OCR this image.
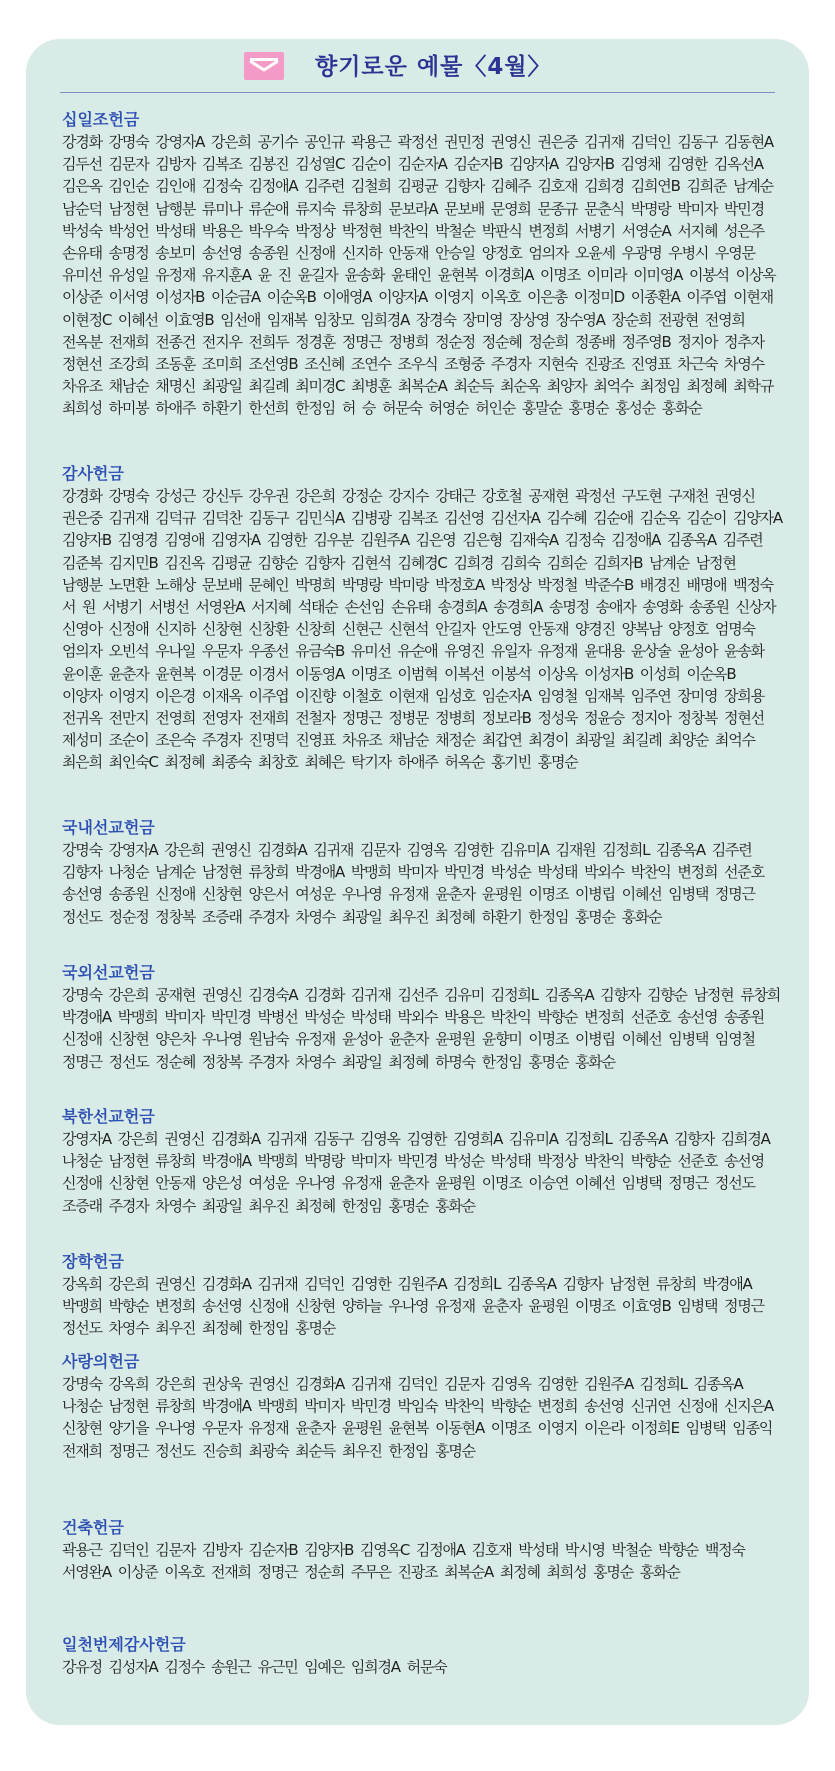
향기로운 예물〈4월〉
십일조헌금
강경화 강명숙 강영자A 강은희 공기수 공인규 곽용근 곽정선 권민정 권영신 권은중 김귀재 김덕인 김동구 김동현A 김두선 김문자 김방자 김복조 김봉진 김성열C 김순이 김순자A 김순자B 김양자A 김양자B 김영채 김영한 김옥선A 김은옥 김인순 김인애 김정숙 김정애A 김주련 김철희 김평균 김향자 김혜주 김호재 김희경 김희연B 김희준 남계순 남순덕 남정현 남행분 류미나 류순애 류지숙 류창희 문보라A 문보배 문영희 문종규 문춘식 박명랑 박미자 박민경 박성숙 박성언 박성태 박용은 박우숙 박정상 박정현 박찬익 박철순 박판식 변정희 서병기 서영순A 서지혜 성은주 손유태 송명정 송보미 송선영 송종원 신정애 신지하 안동재 안승일 양정호 엄의자 오윤세 우광명 우병시 우영문 유미선 유성일 유정재 유지훈A 윤 진 윤길자 윤송화 윤태인 윤현복 이경희A 이명조 이미라 이미영A 이봉석 이상옥 이상준 이서영 이성자B 이순금A 이순옥B 이애영A 이양자A 이영지 이옥호 이은총 이정미D 이종환A 이주엽 이현재 이현정C 이혜선 이효영B 임선애 임재복 임창모 임희경A 장경숙 장미영 장상영 장수영A 장순희 전광현 전영희 전옥분 전재희 전종건 전지우 전희두 정경훈 정명근 정병희 정순정 정순혜 정순희 정종배 정주영B 정지아 정추자 정현선 조강희 조동훈 조미희 조선영B 조신혜 조연수 조우식 조형중 주경자 지현숙 진광조 진영표 차근숙 차영수 차유조 채남순 채명신 최광일 최길례 최미경C 최병훈 최복순A 최순득 최순옥 최양자 최억수 최정임 최정혜 최학규 최희성 하미봉 하애주 하환기 한선희 한정임 허 승 허문숙 허영순 허인순 홍말순 홍명순 홍성순 홍화순
감사헌금
강경화 강명숙 강성근 강신두 강우권 강은희 강정순 강지수 강태근 강호철 공재현 곽정선 구도현 구재천 권영신 권은중 김귀재 김덕규 김덕찬 김동구 김민식A 김병광 김복조 김선영 김선자A 김수혜 김순애 김순옥 김순이 김양자A 김양자B 김영경 김영애 김영자A 김영한 김우분 김원주A 김은영 김은형 김재숙A 김정숙 김정애A 김종옥A 김주련 김준복 김지민B 김진옥 김평균 김향순 김향자 김현석 김혜경C 김희경 김희숙 김희순 김희자B 남계순 남정현 남행분 노면환 노해상 문보배 문혜인 박명희 박명랑 박미랑 박정호A 박정상 박정철 박준수B 배경진 배명애 백정숙 서 원 서병기 서병선 서영완A 서지혜 석태순 손선임 손유태 송경희A 송경희A 송명정 송애자 송영화 송종원 신상자 신영아 신정애 신지하 신창현 신창환 신창희 신현근 신현석 안길자 안도영 안동재 양경진 양복남 양정호 엄명숙 엄의자 오빈석 우나일 우문자 우종선 유금숙B 유미선 유순애 유영진 유일자 유정재 윤대용 윤상술 윤성아 윤송화 윤이훈 윤춘자 윤현복 이경문 이경서 이동영A 이명조 이범혁 이복선 이봉석 이상옥 이성자B 이성희 이순옥B 이양자 이영지 이은경 이재옥 이주엽 이진향 이철호 이현재 임성호 임순자A 임영철 임재복 임주연 장미영 장희용 전귀옥 전만지 전영희 전영자 전재희 전철자 정명근 정병문 정병희 정보라B 정성욱 정윤승 정지아 정창복 정현선 제성미 조순이 조은숙 주경자 진명덕 진영표 차유조 채남순 채정순 최갑연 최경이 최광일 최길례 최양순 최억수 최은희 최인숙C 최정혜 최종숙 최창호 최혜은 탁기자 하애주 허옥순 홍기빈 홍명순
국내선교헌금
강명숙 강영자A 강은희 권영신 김경화A 김귀재 김문자 김영옥 김영한 김유미A 김재원 김정희L 김종옥A 김주련 김향자 나청순 남계순 남정현 류창희 박경애A 박맹희 박미자 박민경 박성순 박성태 박외수 박찬익 변정희 선준호 송선영 송종원 신정애 신창현 양은서 여성운 우나영 유정재 윤춘자 윤평원 이명조 이병립 이혜선 임병택 정명근 정선도 정순정 정창복 조증래 주경자 차영수 최광일 최우진 최정혜 하환기 한정임 홍명순 홍화순
국외선교헌금
강명숙 강은희 공재현 권영신 김경숙A 김경화 김귀재 김선주 김유미 김정희L 김종옥A 김향자 김향순 남정현 류창희 박경애A 박맹희 박미자 박민경 박병선 박성순 박성태 박외수 박용은 박찬익 박향순 변정희 선준호 송선영 송종원 신정애 신창현 양은차 우나영 원남숙 유정재 윤성아 윤춘자 윤평원 윤향미 이명조 이병립 이혜선 임병택 임영철 정명근 정선도 정순혜 정창복 주경자 차영수 최광일 최정혜 하명숙 한정임 홍명순 홍화순
북한선교헌금
강영자A 강은희 권영신 김경화A 김귀재 김동구 김영옥 김영한 김영희A 김유미A 김정희L 김종옥A 김향자 김희경A 나청순 남정현 류창희 박경애A 박맹희 박명랑 박미자 박민경 박성순 박성태 박정상 박찬익 박향순 선준호 송선영 신정애 신창현 안동재 양은성 여성운 우나영 유정재 윤춘자 윤평원 이명조 이승연 이혜선 임병택 정명근 정선도 조증래 주경자 차영수 최광일 최우진 최정혜 한정임 홍명순 홍화순
장학헌금
강옥희 강은희 권영신 김경화A 김귀재 김덕인 김영한 김원주A 김정희L 김종옥A 김향자 남정현 류창희 박경애A 박맹희 박향순 변정희 송선영 신정애 신창현 양하늘 우나영 유정재 윤춘자 윤평원 이명조 이효영B 임병택 정명근 정선도 차영수 최우진 최정혜 한정임 홍명순
사랑의헌금
강명숙 강옥희 강은희 권상욱 권영신 김경화A 김귀재 김덕인 김문자 김영옥 김영한 김원주A 김정희L 김종옥A 나청순 남정현 류창희 박경애A 박맹희 박미자 박민경 박임숙 박찬익 박향순 변정희 송선영 신귀연 신정애 신지은A 신창현 양기을 우나영 우문자 유정재 윤춘자 윤평원 윤현복 이동현A 이명조 이영지 이은라 이정희E 임병택 임종익 전재희 정명근 정선도 진승희 최광숙 최순득 최우진 한정임 홍명순
건축헌금
곽용근 김덕인 김문자 김방자 김순자B 김양자B 김영옥C 김정애A 김호재 박성태 박시영 박철순 박향순 백정숙 서영완A 이상준 이옥호 전재희 정명근 정순희 주무은 진광조 최복순A 최정혜 최희성 홍명순 홍화순
일천번제감사헌금
강유정 김성자A 김정수 송원근 유근민 임예은 임희경A 허문숙
